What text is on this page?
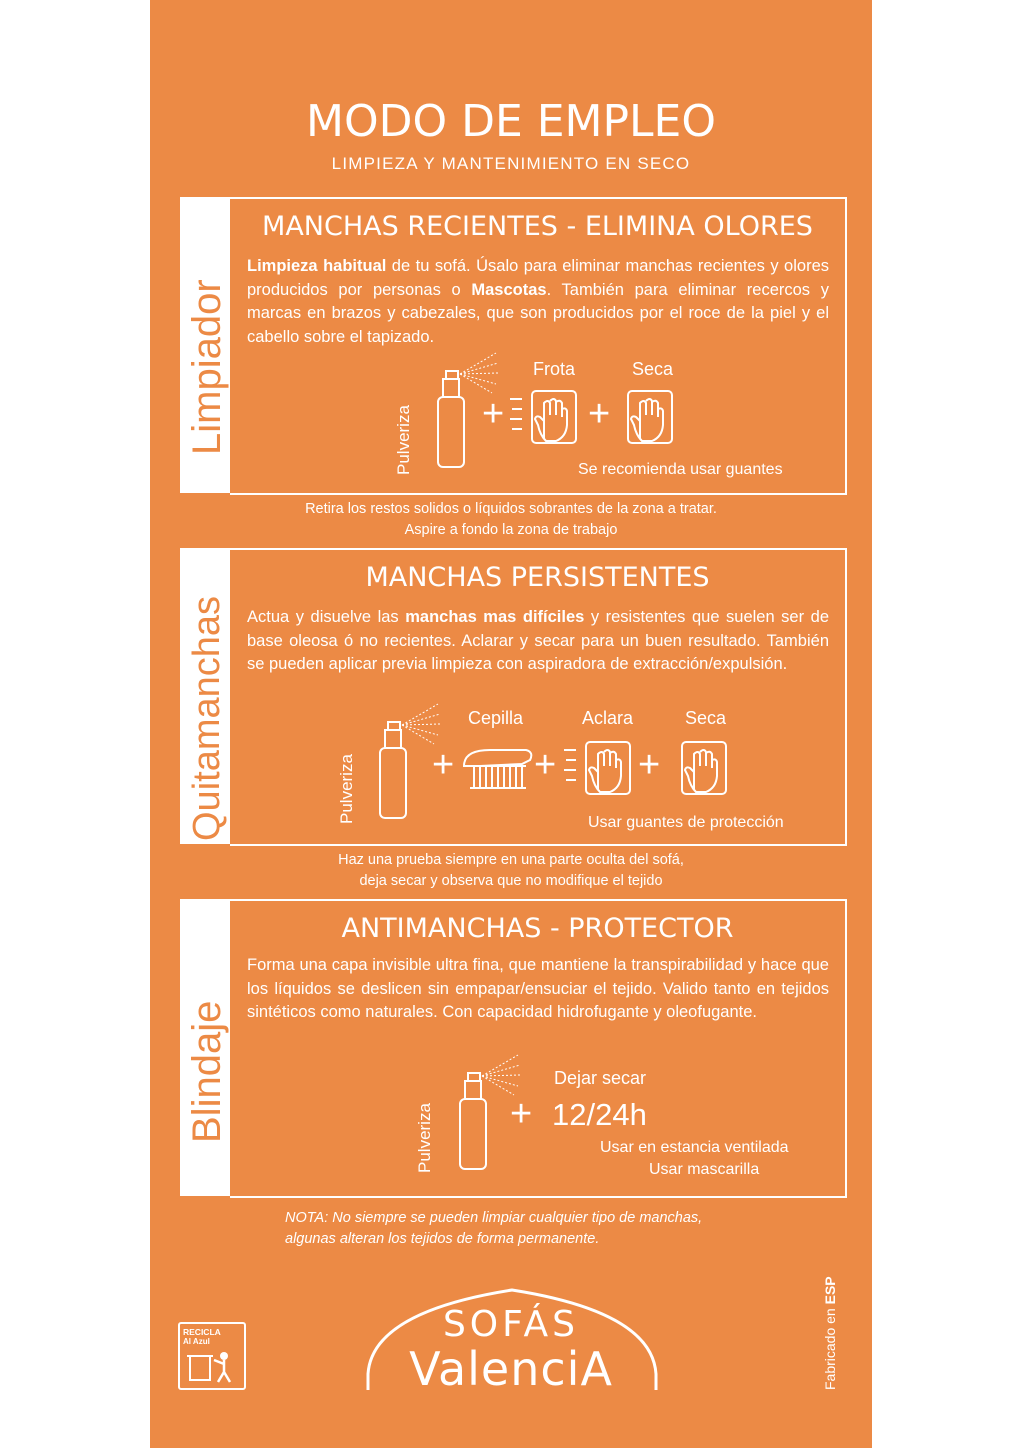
MODO DE EMPLEO
LIMPIEZA Y MANTENIMIENTO EN SECO
Limpiador
MANCHAS RECIENTES - ELIMINA OLORES
Limpieza habitual de tu sofá. Úsalo para eliminar manchas recientes y olores producidos por personas o Mascotas. También para eliminar recercos y marcas en brazos y cabezales, que son producidos por el roce de la piel y el cabello sobre el tapizado.
Pulveriza + +
Frota	Seca
Se recomienda usar guantes
Retira los restos solidos o líquidos sobrantes de la zona a tratar.
Aspire a fondo la zona de trabajo
Quitamanchas
MANCHAS PERSISTENTES
Actua y disuelve las manchas mas difíciles y resistentes que suelen ser de base oleosa ó no recientes. Aclarar y secar para un buen resultado. También se pueden aplicar previa limpieza con aspiradora de extracción/expulsión.
Pulveriza + + +
Cepilla	Aclara	Seca
Usar guantes de protección
Haz una prueba siempre en una parte oculta del sofá,
deja secar y observa que no modifique el tejido
Blindaje
ANTIMANCHAS - PROTECTOR
Forma una capa invisible ultra fina, que mantiene la transpirabilidad y hace que los líquidos se deslicen sin empapar/ensuciar el tejido. Valido tanto en tejidos sintéticos como naturales. Con capacidad hidrofugante y oleofugante.
Pulveriza +
Dejar secar
12/24h
Usar en estancia ventilada
Usar mascarilla
NOTA: No siempre se pueden limpiar cualquier tipo de manchas,
algunas alteran los tejidos de forma permanente.
RECICLA
Al Azul	SOFÁS
ValenciA	Fabricado en ESP
